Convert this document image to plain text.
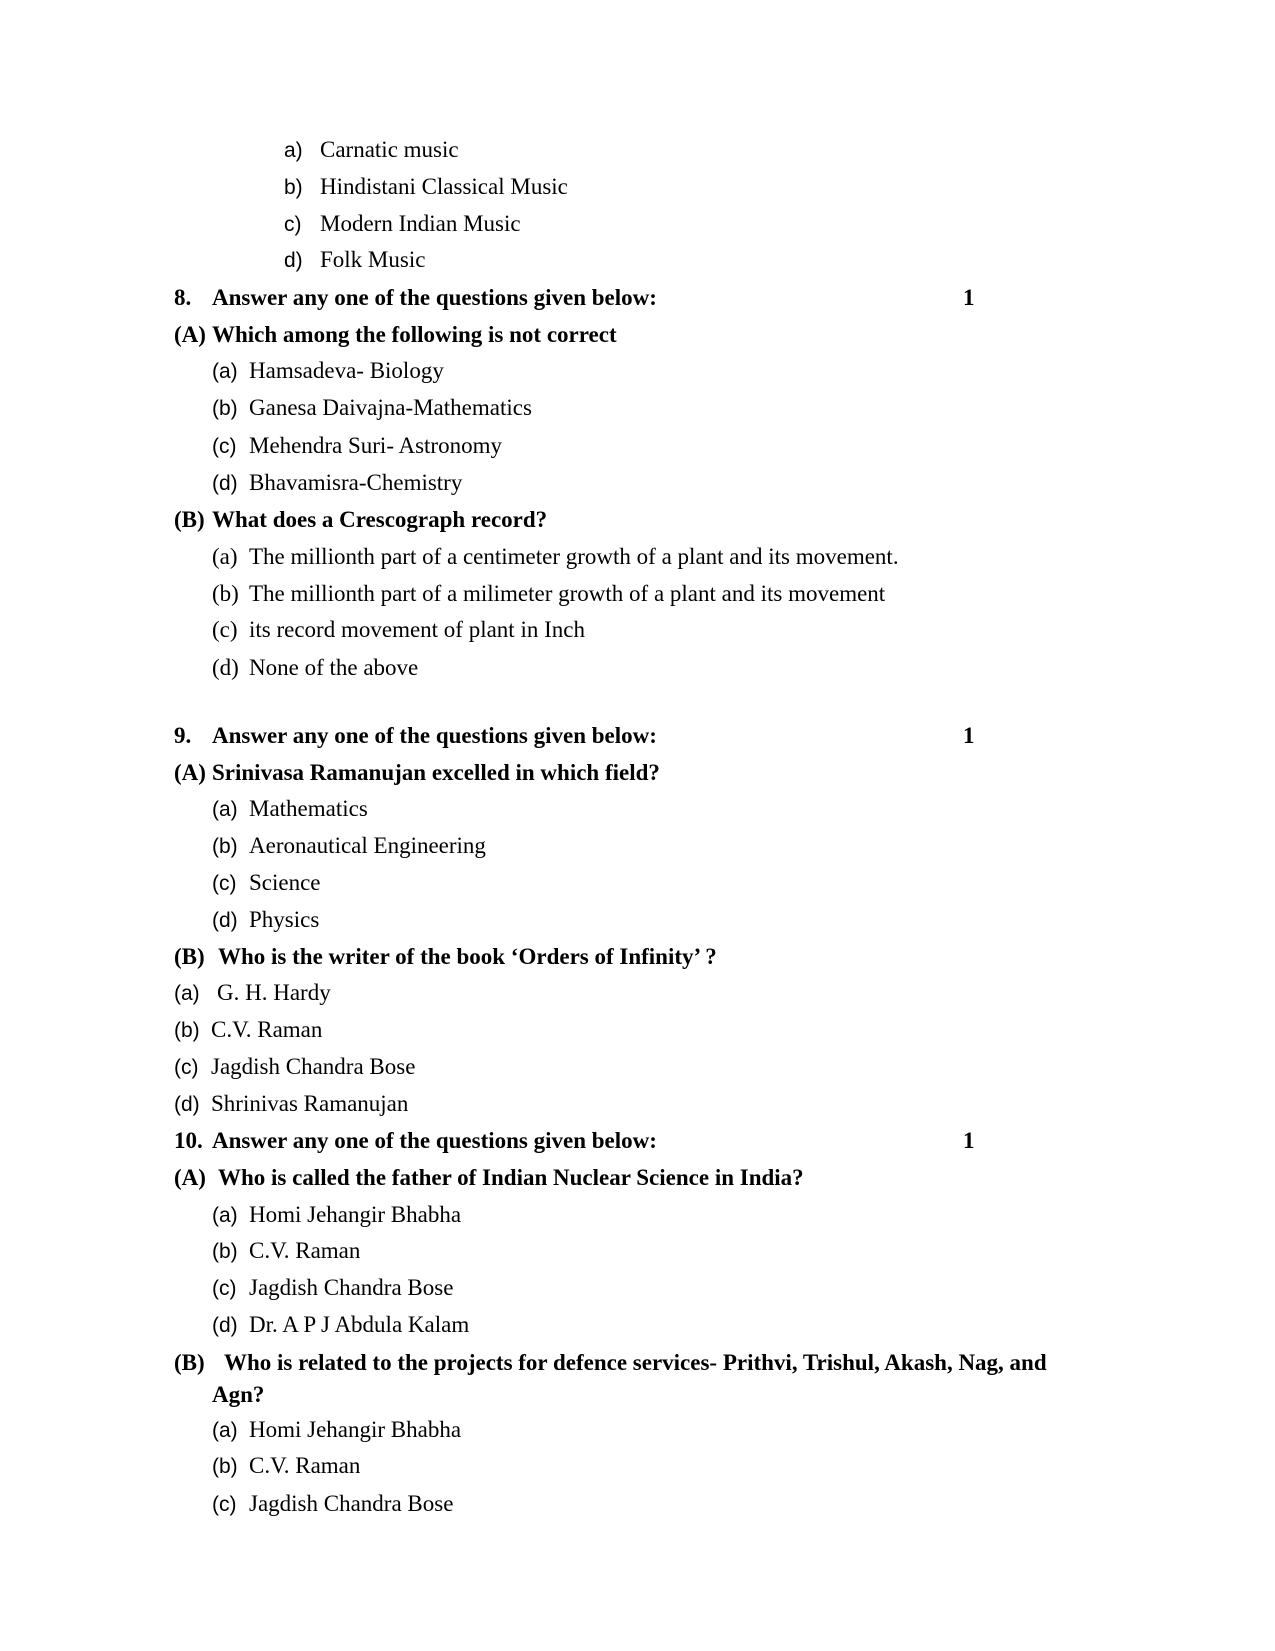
a) Carnatic music
b) Hindistani Classical Music
c) Modern Indian Music
d) Folk Music
8. Answer any one of the questions given below:	1
(A) Which among the following is not correct
(a) Hamsadeva- Biology
(b) Ganesa Daivajna-Mathematics
(c) Mehendra Suri- Astronomy
(d) Bhavamisra-Chemistry
(B) What does a Crescograph record?
(a) The millionth part of a centimeter growth of a plant and its movement.
(b) The millionth part of a milimeter growth of a plant and its movement
(c) its record movement of plant in Inch
(d) None of the above
9. Answer any one of the questions given below:	1
(A) Srinivasa Ramanujan excelled in which field?
(a) Mathematics
(b) Aeronautical Engineering
(c) Science
(d) Physics
(B) Who is the writer of the book ‘Orders of Infinity’ ?
(a) G. H. Hardy
(b) C.V. Raman
(c) Jagdish Chandra Bose
(d) Shrinivas Ramanujan
10. Answer any one of the questions given below:	1
(A) Who is called the father of Indian Nuclear Science in India?
(a) Homi Jehangir Bhabha
(b) C.V. Raman
(c) Jagdish Chandra Bose
(d) Dr. A P J Abdula Kalam
(B) Who is related to the projects for defence services- Prithvi, Trishul, Akash, Nag, and
Agn?
(a) Homi Jehangir Bhabha
(b) C.V. Raman
(c) Jagdish Chandra Bose
